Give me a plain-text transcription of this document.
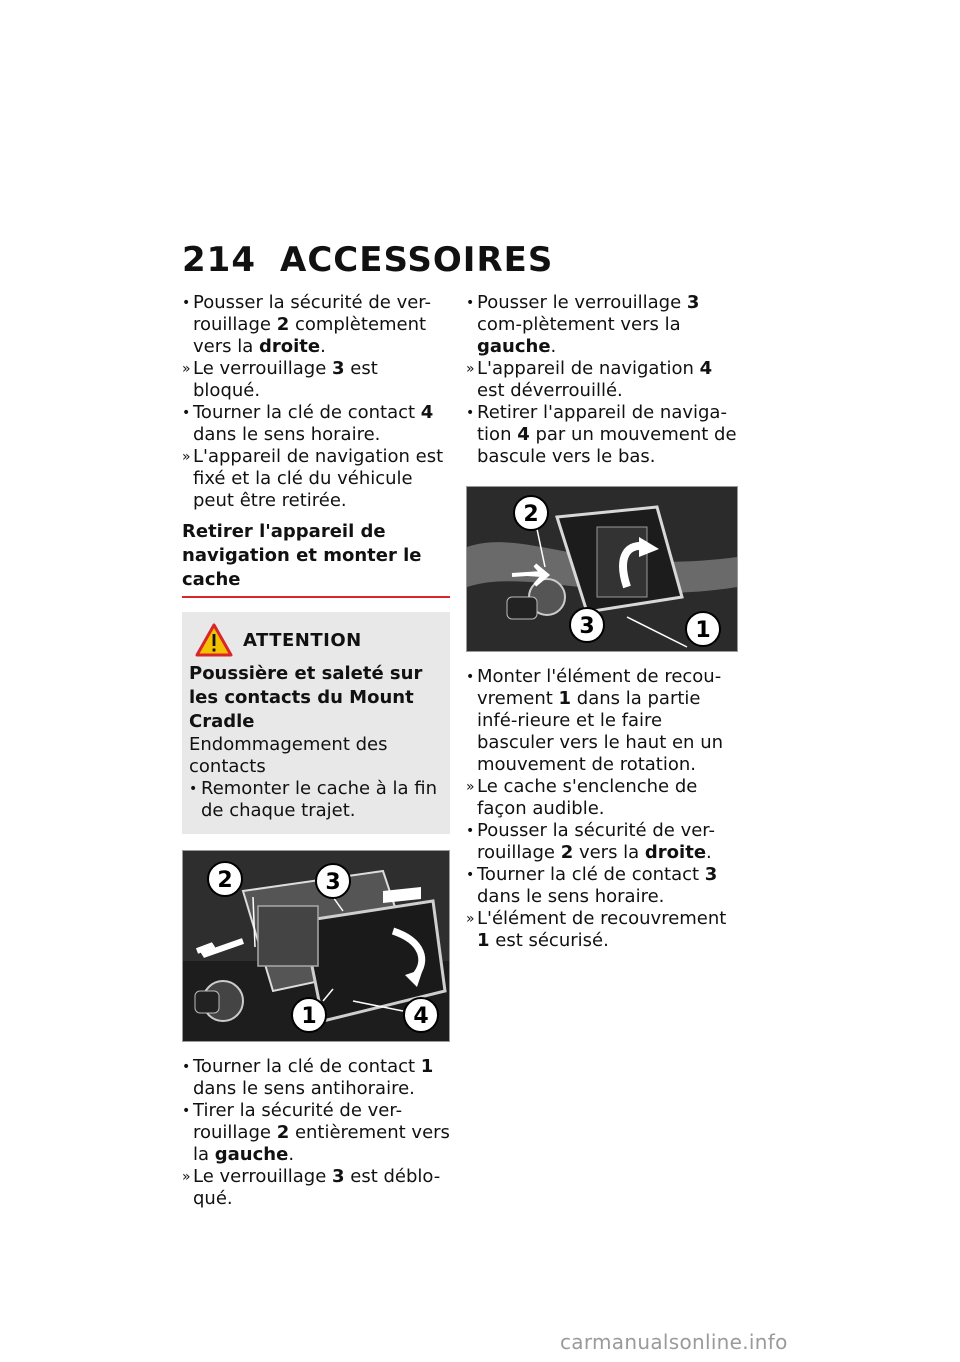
214 ACCESSOIRES
• Pousser la sécurité de ver-rouillage 2 complètement vers la droite.
» Le verrouillage 3 est bloqué.
• Tourner la clé de contact 4 dans le sens horaire.
» L'appareil de navigation est fixé et la clé du véhicule peut être retirée.
Retirer l'appareil de navigation et monter le cache
ATTENTION
Poussière et saleté sur les contacts du Mount Cradle
Endommagement des contacts
• Remonter le cache à la fin de chaque trajet.
2	3
1	4
• Tourner la clé de contact 1 dans le sens antihoraire.
• Tirer la sécurité de ver-rouillage 2 entièrement vers la gauche.
» Le verrouillage 3 est déblo-qué.
• Pousser le verrouillage 3 com-plètement vers la gauche.
» L'appareil de navigation 4 est déverrouillé.
• Retirer l'appareil de naviga-tion 4 par un mouvement de bascule vers le bas.
2
3	1
• Monter l'élément de recou-vrement 1 dans la partie infé-rieure et le faire basculer vers le haut en un mouvement de rotation.
» Le cache s'enclenche de façon audible.
• Pousser la sécurité de ver-rouillage 2 vers la droite.
• Tourner la clé de contact 3 dans le sens horaire.
» L'élément de recouvrement 1 est sécurisé.
carmanualsonline.info
